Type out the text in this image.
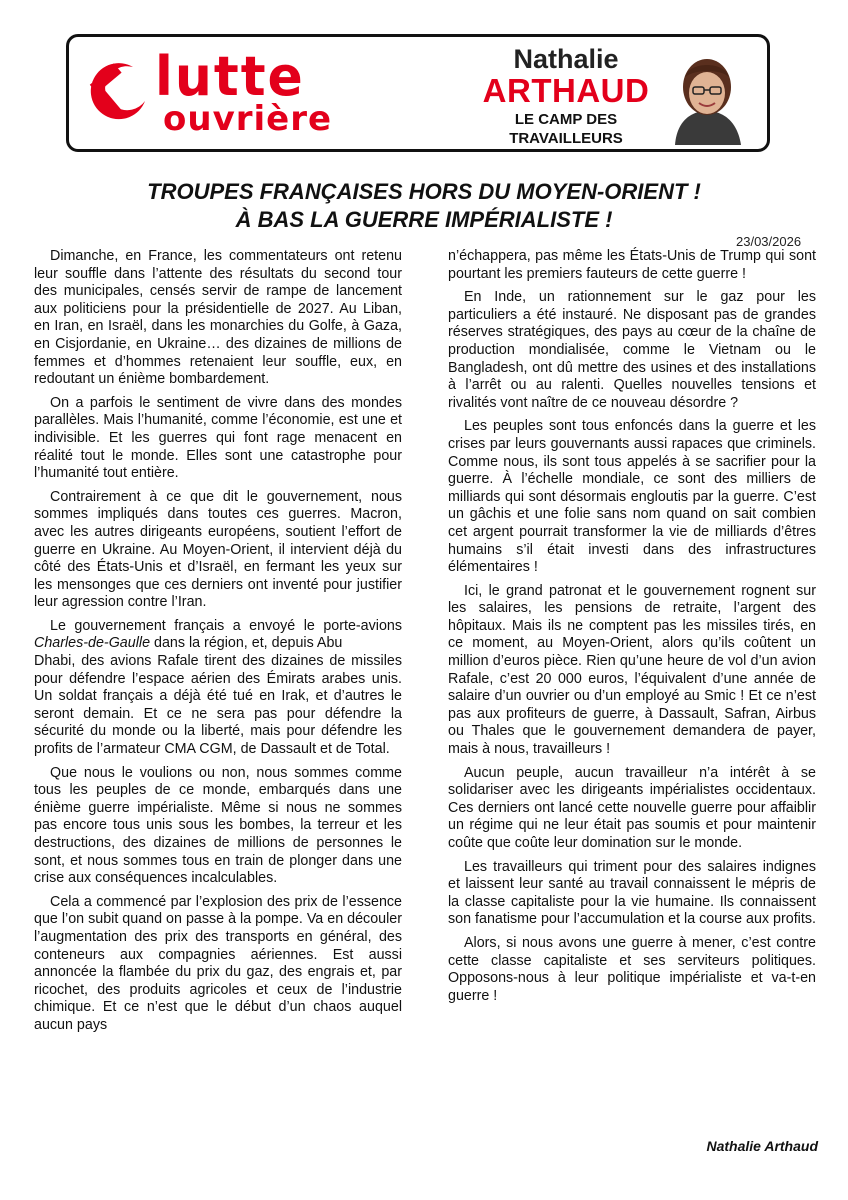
lutte
ouvrière
Nathalie
ARTHAUD
LE CAMP DES
TRAVAILLEURS
TROUPES FRANÇAISES HORS DU MOYEN-ORIENT !
À BAS LA GUERRE IMPÉRIALISTE !
23/03/2026

Dimanche, en France, les commentateurs ont retenu leur souffle dans l’attente des résultats du second tour des municipales, censés servir de rampe de lancement aux politiciens pour la présidentielle de 2027. Au Liban, en Iran, en Israël, dans les monarchies du Golfe, à Gaza, en Cisjordanie, en Ukraine… des dizaines de millions de femmes et d’hommes retenaient leur souffle, eux, en redoutant un énième bombardement.

On a parfois le sentiment de vivre dans des mondes parallèles. Mais l’humanité, comme l’économie, est une et indivisible. Et les guerres qui font rage menacent en réalité tout le monde. Elles sont une catastrophe pour l’humanité tout entière.

Contrairement à ce que dit le gouvernement, nous sommes impliqués dans toutes ces guerres. Macron, avec les autres dirigeants européens, soutient l’effort de guerre en Ukraine. Au Moyen-Orient, il intervient déjà du côté des États-Unis et d’Israël, en fermant les yeux sur les mensonges que ces derniers ont inventé pour justifier leur agression contre l’Iran.

Le gouvernement français a envoyé le porte-avions Charles-de-Gaulle dans la région, et, depuis Abu

Dhabi, des avions Rafale tirent des dizaines de missiles pour défendre l’espace aérien des Émirats arabes unis. Un soldat français a déjà été tué en Irak, et d’autres le seront demain. Et ce ne sera pas pour défendre la sécurité du monde ou la liberté, mais pour défendre les profits de l’armateur CMA CGM, de Dassault et de Total.

Que nous le voulions ou non, nous sommes comme tous les peuples de ce monde, embarqués dans une énième guerre impérialiste. Même si nous ne sommes pas encore tous unis sous les bombes, la terreur et les destructions, des dizaines de millions de personnes le sont, et nous sommes tous en train de plonger dans une crise aux conséquences incalculables.

Cela a commencé par l’explosion des prix de l’essence que l’on subit quand on passe à la pompe. Va en découler l’augmentation des prix des transports en général, des conteneurs aux compagnies aériennes. Est aussi annoncée la flambée du prix du gaz, des engrais et, par ricochet, des produits agricoles et ceux de l’industrie chimique. Et ce n’est que le début d’un chaos auquel aucun pays

n’échappera, pas même les États-Unis de Trump qui sont pourtant les premiers fauteurs de cette guerre !

En Inde, un rationnement sur le gaz pour les particuliers a été instauré. Ne disposant pas de grandes réserves stratégiques, des pays au cœur de la chaîne de production mondialisée, comme le Vietnam ou le Bangladesh, ont dû mettre des usines et des installations à l’arrêt ou au ralenti. Quelles nouvelles tensions et rivalités vont naître de ce nouveau désordre ?

Les peuples sont tous enfoncés dans la guerre et les crises par leurs gouvernants aussi rapaces que criminels. Comme nous, ils sont tous appelés à se sacrifier pour la guerre. À l’échelle mondiale, ce sont des milliers de milliards qui sont désormais engloutis par la guerre. C’est un gâchis et une folie sans nom quand on sait combien cet argent pourrait transformer la vie de milliards d’êtres humains s’il était investi dans des infrastructures élémentaires !

Ici, le grand patronat et le gouvernement rognent sur les salaires, les pensions de retraite, l’argent des hôpitaux. Mais ils ne comptent pas les missiles tirés, en ce moment, au Moyen-Orient, alors qu’ils coûtent un million d’euros pièce. Rien qu’une heure de vol d’un avion Rafale, c’est 20 000 euros, l’équivalent d’une année de salaire d’un ouvrier ou d’un employé au Smic ! Et ce n’est pas aux profiteurs de guerre, à Dassault, Safran, Airbus ou Thales que le gouvernement demandera de payer, mais à nous, travailleurs !

Aucun peuple, aucun travailleur n’a intérêt à se solidariser avec les dirigeants impérialistes occidentaux. Ces derniers ont lancé cette nouvelle guerre pour affaiblir un régime qui ne leur était pas soumis et pour maintenir coûte que coûte leur domination sur le monde.

Les travailleurs qui triment pour des salaires indignes et laissent leur santé au travail connaissent le mépris de la classe capitaliste pour la vie humaine. Ils connaissent son fanatisme pour l’accumulation et la course aux profits.

Alors, si nous avons une guerre à mener, c’est contre cette classe capitaliste et ses serviteurs politiques. Opposons-nous à leur politique impérialiste et va-t-en guerre !

Nathalie Arthaud
